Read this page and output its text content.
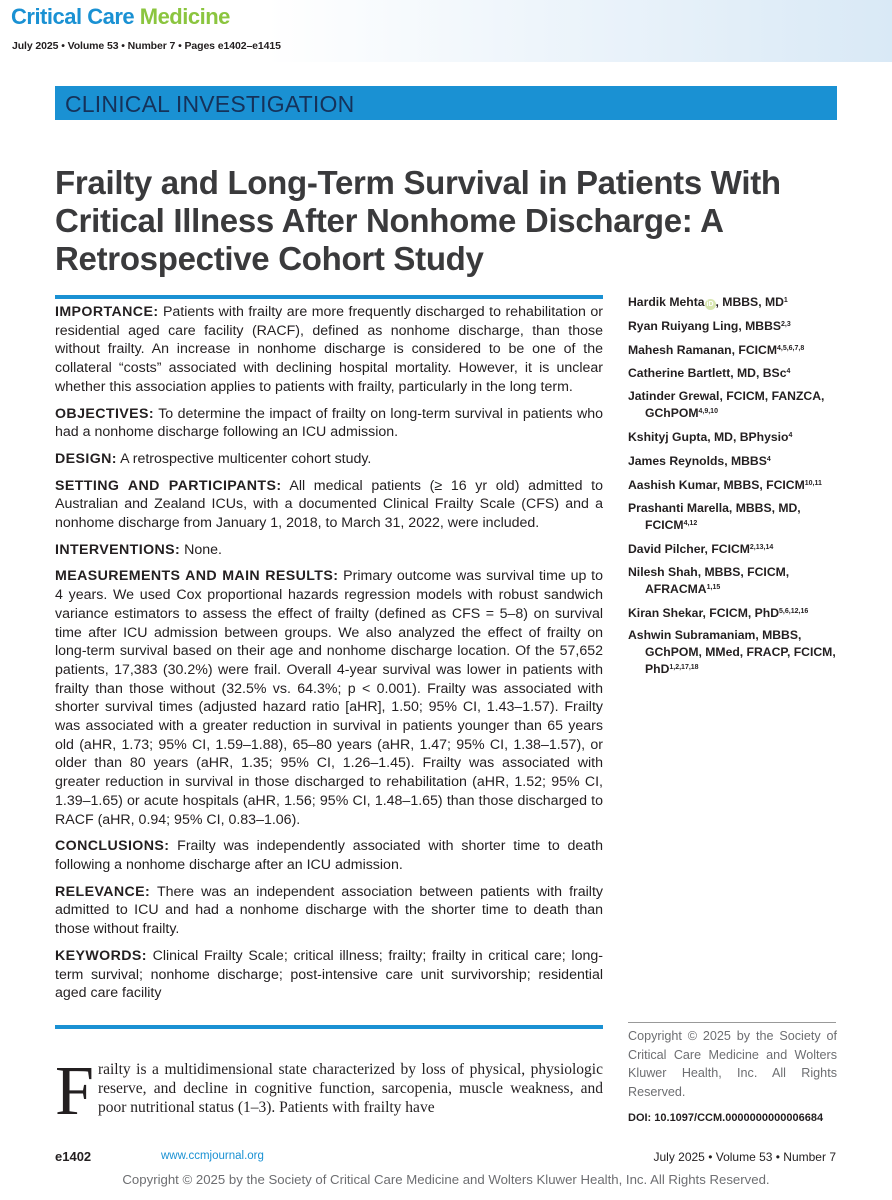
Critical Care Medicine
July 2025 • Volume 53 • Number 7 • Pages e1402–e1415
CLINICAL INVESTIGATION
Frailty and Long-Term Survival in Patients With Critical Illness After Nonhome Discharge: A Retrospective Cohort Study

IMPORTANCE: Patients with frailty are more frequently discharged to rehabilitation or residential aged care facility (RACF), defined as nonhome discharge, than those without frailty. An increase in nonhome discharge is considered to be one of the collateral “costs” associated with declining hospital mortality. However, it is unclear whether this association applies to patients with frailty, particularly in the long term.

OBJECTIVES: To determine the impact of frailty on long-term survival in patients who had a nonhome discharge following an ICU admission.

DESIGN: A retrospective multicenter cohort study.

SETTING AND PARTICIPANTS: All medical patients (≥ 16 yr old) admitted to Australian and Zealand ICUs, with a documented Clinical Frailty Scale (CFS) and a nonhome discharge from January 1, 2018, to March 31, 2022, were included.

INTERVENTIONS: None.

MEASUREMENTS AND MAIN RESULTS: Primary outcome was survival time up to 4 years. We used Cox proportional hazards regression models with robust sandwich variance estimators to assess the effect of frailty (defined as CFS = 5–8) on survival time after ICU admission between groups. We also analyzed the effect of frailty on long-term survival based on their age and nonhome discharge location. Of the 57,652 patients, 17,383 (30.2%) were frail. Overall 4-year survival was lower in patients with frailty than those without (32.5% vs. 64.3%; p < 0.001). Frailty was associated with shorter survival times (adjusted hazard ratio [aHR], 1.50; 95% CI, 1.43–1.57). Frailty was associated with a greater reduction in survival in patients younger than 65 years old (aHR, 1.73; 95% CI, 1.59–1.88), 65–80 years (aHR, 1.47; 95% CI, 1.38–1.57), or older than 80 years (aHR, 1.35; 95% CI, 1.26–1.45). Frailty was associated with greater reduction in survival in those discharged to rehabilitation (aHR, 1.52; 95% CI, 1.39–1.65) or acute hospitals (aHR, 1.56; 95% CI, 1.48–1.65) than those discharged to RACF (aHR, 0.94; 95% CI, 0.83–1.06).

CONCLUSIONS: Frailty was independently associated with shorter time to death following a nonhome discharge after an ICU admission.

RELEVANCE: There was an independent association between patients with frailty admitted to ICU and had a nonhome discharge with the shorter time to death than those without frailty.

KEYWORDS: Clinical Frailty Scale; critical illness; frailty; frailty in critical care; long-term survival; nonhome discharge; post-intensive care unit survivorship; residential aged care facility

Hardik Mehta iD , MBBS, $MD^1$
Ryan Ruiyang Ling, MBBS$^{2,3}$
Mahesh Ramanan, FCICM$^{4,5,6,7,8}$
Catherine Bartlett, MD, BSc$^4$
Jatinder Grewal, FCICM, FANZCA, GChPOM$^{4,9,10}$
Kshityj Gupta, MD, BPhysio$^4$
James Reynolds, MBBS$^4$
Aashish Kumar, MBBS, FCICM$^{10,11}$
Prashanti Marella, MBBS, MD, FCICM$^{4,12}$
David Pilcher, FCICM$^{2,13,14}$
Nilesh Shah, MBBS, FCICM, AFRACMA$^{1,15}$
Kiran Shekar, FCICM, PhD$^{5,6,12,16}$
Ashwin Subramaniam, MBBS, GChPOM, MMed, FRACP, FCICM, PhD$^{1,2,17,18}$
Copyright © 2025 by the Society of Critical Care Medicine and Wolters Kluwer Health, Inc. All Rights Reserved.
DOI: 10.1097/CCM.0000000000006684
Frailty is a multidimensional state characterized by loss of physical, physiologic reserve, and decline in cognitive function, sarcopenia, muscle weakness, and poor nutritional status (1–3). Patients with frailty have
e1402	www.ccmjournal.org	July 2025 • Volume 53 • Number 7
Copyright © 2025 by the Society of Critical Care Medicine and Wolters Kluwer Health, Inc. All Rights Reserved.
